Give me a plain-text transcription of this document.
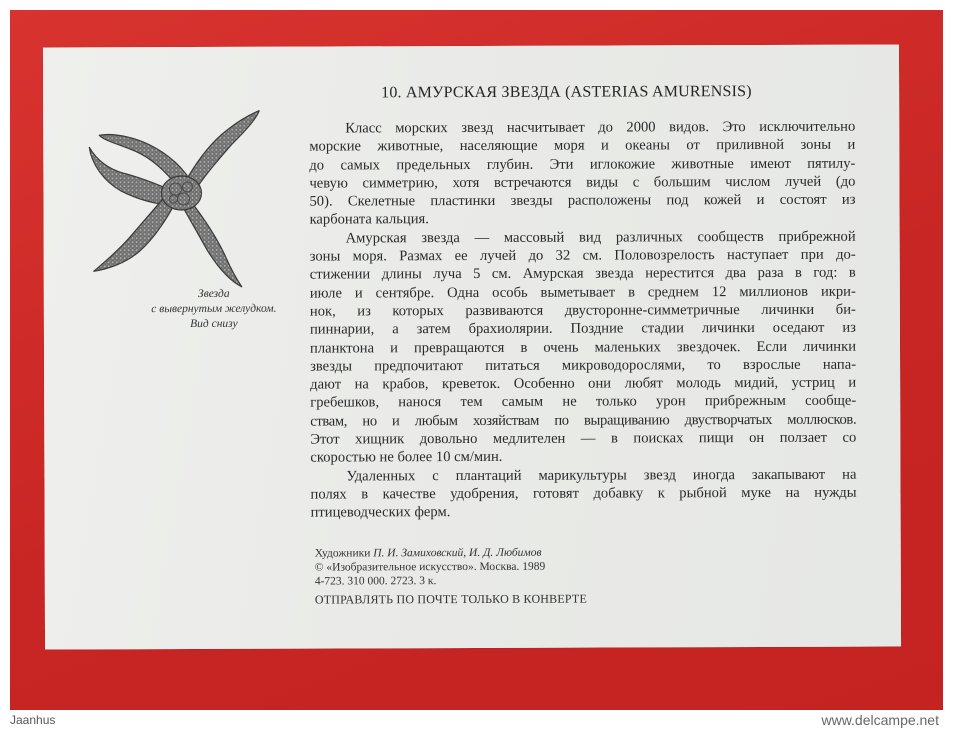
Звезда
с вывернутым желудком.
Вид снизу
10. АМУРСКАЯ ЗВЕЗДА (ASTERIAS AMURENSIS)
Класс морских звезд насчитывает до 2000 видов. Это исключительно
морские животные, населяющие моря и океаны от приливной зоны и
до самых предельных глубин. Эти иглокожие животные имеют пятилу-
чевую симметрию, хотя встречаются виды с большим числом лучей (до
50). Скелетные пластинки звезды расположены под кожей и состоят из
карбоната кальция.
Амурская звезда — массовый вид различных сообществ прибрежной
зоны моря. Размах ее лучей до 32 см. Половозрелость наступает при до-
стижении длины луча 5 см. Амурская звезда нерестится два раза в год: в
июле и сентябре. Одна особь выметывает в среднем 12 миллионов икри-
нок, из которых развиваются двусторонне-симметричные личинки би-
пиннарии, а затем брахиолярии. Поздние стадии личинки оседают из
планктона и превращаются в очень маленьких звездочек. Если личинки
звезды предпочитают питаться микроводорослями, то взрослые напа-
дают на крабов, креветок. Особенно они любят молодь мидий, устриц и
гребешков, нанося тем самым не только урон прибрежным сообще-
ствам, но и любым хозяйствам по выращиванию двустворчатых моллюсков.
Этот хищник довольно медлителен — в поисках пищи он ползает со
скоростью не более 10 см/мин.
Удаленных с плантаций марикультуры звезд иногда закапывают на
полях в качестве удобрения, готовят добавку к рыбной муке на нужды
птицеводческих ферм.
Художники П. И. Замиховский, И. Д. Любимов
© «Изобразительное искусство». Москва. 1989
4-723. 310 000. 2723. 3 к.
ОТПРАВЛЯТЬ ПО ПОЧТЕ ТОЛЬКО В КОНВЕРТЕ
Jaanhus	www.delcampe.net
